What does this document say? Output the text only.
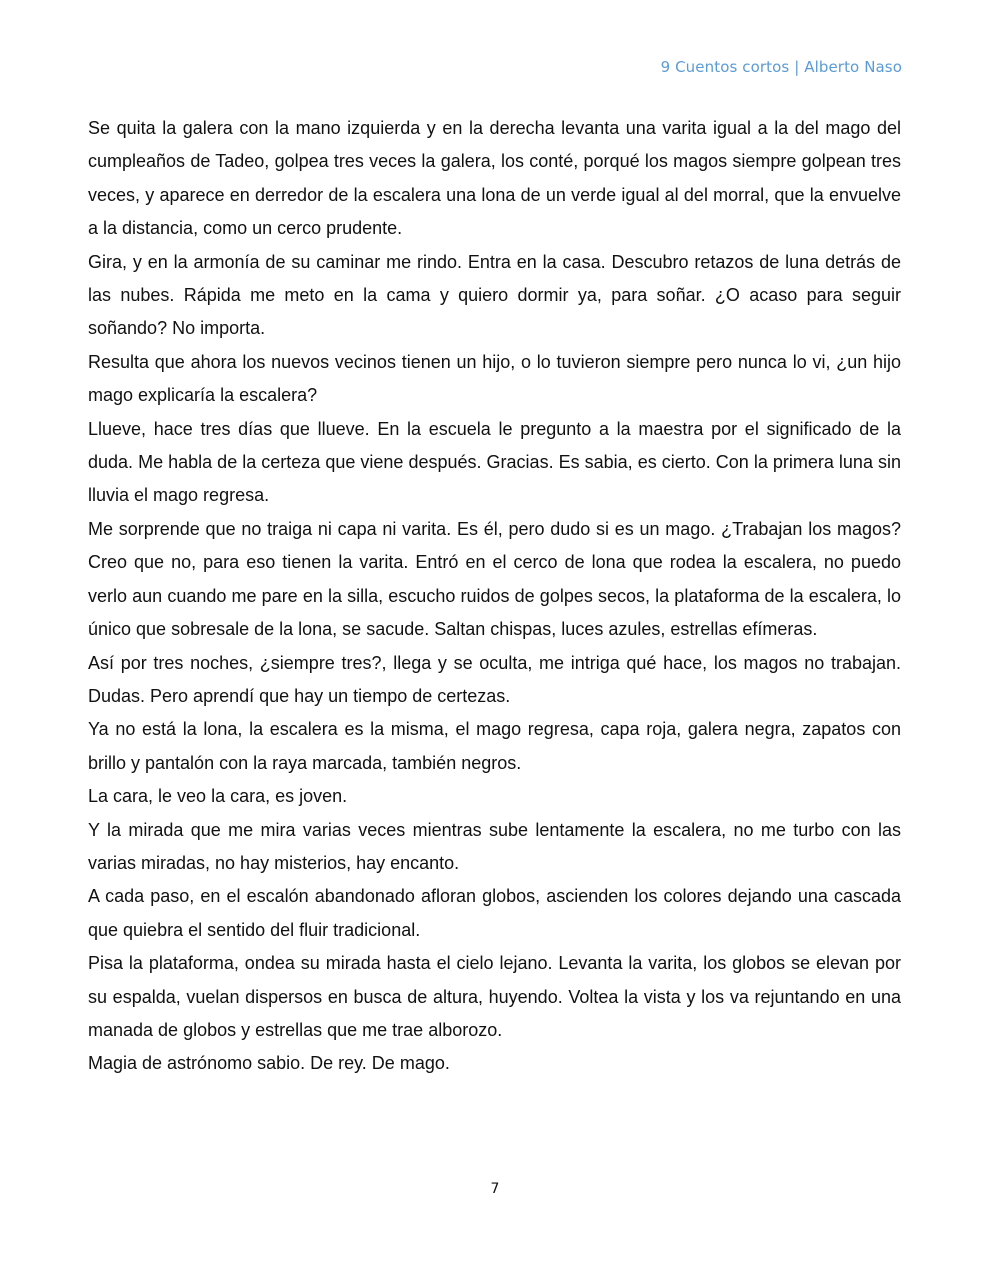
9 Cuentos cortos | Alberto Naso

Se quita la galera con la mano izquierda y en la derecha levanta una varita igual a la del mago del cumpleaños de Tadeo, golpea tres veces la galera, los conté, porqué los magos siempre golpean tres veces, y aparece en derredor de la escalera una lona de un verde igual al del morral, que la envuelve a la distancia, como un cerco prudente.

Gira, y en la armonía de su caminar me rindo. Entra en la casa. Descubro retazos de luna detrás de las nubes. Rápida me meto en la cama y quiero dormir ya, para soñar. ¿O acaso para seguir soñando? No importa.

Resulta que ahora los nuevos vecinos tienen un hijo, o lo tuvieron siempre pero nunca lo vi, ¿un hijo mago explicaría la escalera?

Llueve, hace tres días que llueve. En la escuela le pregunto a la maestra por el significado de la duda. Me habla de la certeza que viene después. Gracias. Es sabia, es cierto. Con la primera luna sin lluvia el mago regresa.

Me sorprende que no traiga ni capa ni varita. Es él, pero dudo si es un mago. ¿Trabajan los magos? Creo que no, para eso tienen la varita. Entró en el cerco de lona que rodea la escalera, no puedo verlo aun cuando me pare en la silla, escucho ruidos de golpes secos, la plataforma de la escalera, lo único que sobresale de la lona, se sacude. Saltan chispas, luces azules, estrellas efímeras.

Así por tres noches, ¿siempre tres?, llega y se oculta, me intriga qué hace, los magos no trabajan. Dudas. Pero aprendí que hay un tiempo de certezas.

Ya no está la lona, la escalera es la misma, el mago regresa, capa roja, galera negra, zapatos con brillo y pantalón con la raya marcada, también negros.

La cara, le veo la cara, es joven.

Y la mirada que me mira varias veces mientras sube lentamente la escalera, no me turbo con las varias miradas, no hay misterios, hay encanto.

A cada paso, en el escalón abandonado afloran globos, ascienden los colores dejando una cascada que quiebra el sentido del fluir tradicional.

Pisa la plataforma, ondea su mirada hasta el cielo lejano. Levanta la varita, los globos se elevan por su espalda, vuelan dispersos en busca de altura, huyendo. Voltea la vista y los va rejuntando en una manada de globos y estrellas que me trae alborozo.

Magia de astrónomo sabio. De rey. De mago.

7
